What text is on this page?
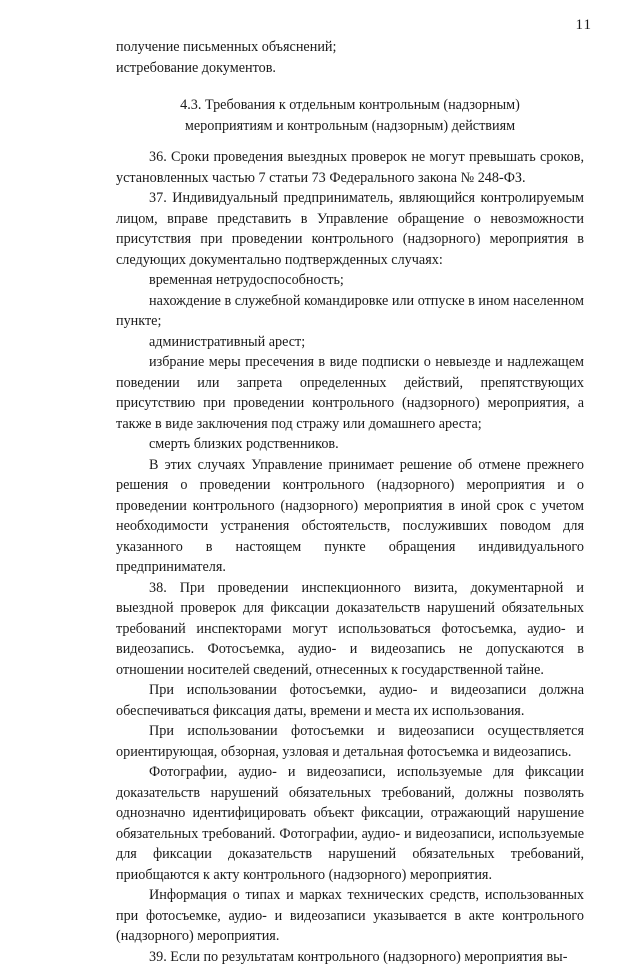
11
получение письменных объяснений;
истребование документов.
4.3. Требования к отдельным контрольным (надзорным)
мероприятиям и контрольным (надзорным) действиям

36. Сроки проведения выездных проверок не могут превышать сроков, установленных частью 7 статьи 73 Федерального закона № 248-ФЗ.

37. Индивидуальный предприниматель, являющийся контролируемым лицом, вправе представить в Управление обращение о невозможности присутствия при проведении контрольного (надзорного) мероприятия в следующих документально подтвержденных случаях:

временная нетрудоспособность;

нахождение в служебной командировке или отпуске в ином населенном пункте;

административный арест;

избрание меры пресечения в виде подписки о невыезде и надлежащем поведении или запрета определенных действий, препятствующих присутствию при проведении контрольного (надзорного) мероприятия, а также в виде заключения под стражу или домашнего ареста;

смерть близких родственников.

В этих случаях Управление принимает решение об отмене прежнего решения о проведении контрольного (надзорного) мероприятия и о проведении контрольного (надзорного) мероприятия в иной срок с учетом необходимости устранения обстоятельств, послуживших поводом для указанного в настоящем пункте обращения индивидуального предпринимателя.

38. При проведении инспекционного визита, документарной и выездной проверок для фиксации доказательств нарушений обязательных требований инспекторами могут использоваться фотосъемка, аудио- и видеозапись. Фотосъемка, аудио- и видеозапись не допускаются в отношении носителей сведений, отнесенных к государственной тайне.

При использовании фотосъемки, аудио- и видеозаписи должна обеспечиваться фиксация даты, времени и места их использования.

При использовании фотосъемки и видеозаписи осуществляется ориентирующая, обзорная, узловая и детальная фотосъемка и видеозапись.

Фотографии, аудио- и видеозаписи, используемые для фиксации доказательств нарушений обязательных требований, должны позволять однозначно идентифицировать объект фиксации, отражающий нарушение обязательных требований. Фотографии, аудио- и видеозаписи, используемые для фиксации доказательств нарушений обязательных требований, приобщаются к акту контрольного (надзорного) мероприятия.

Информация о типах и марках технических средств, использованных при фотосъемке, аудио- и видеозаписи указывается в акте контрольного (надзорного) мероприятия.

39. Если по результатам контрольного (надзорного) мероприятия вы-
